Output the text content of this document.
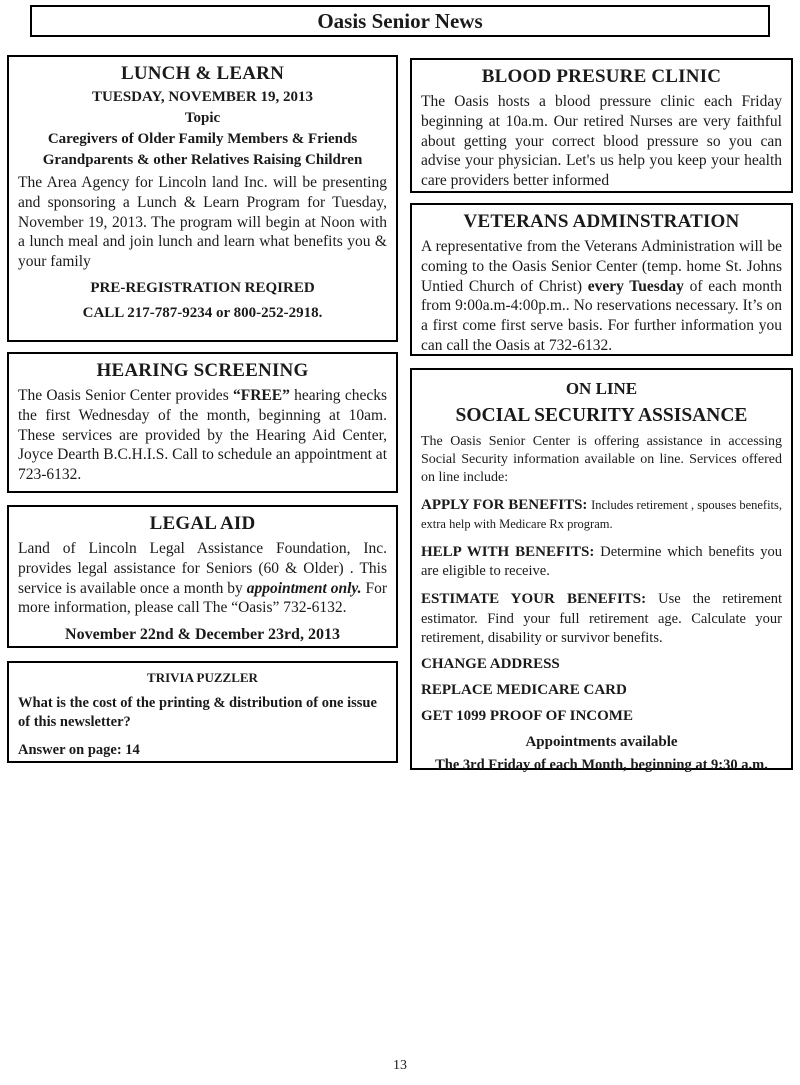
Oasis Senior News
LUNCH & LEARN
TUESDAY, NOVEMBER 19, 2013
Topic
Caregivers of Older Family Members & Friends
Grandparents & other Relatives Raising Children
The Area Agency for Lincoln land Inc. will be presenting and sponsoring a Lunch & Learn Program for Tuesday, November 19, 2013. The program will begin at Noon with a lunch meal and join lunch and learn what benefits you & your family
PRE-REGISTRATION REQIRED
CALL 217-787-9234 or 800-252-2918.
HEARING SCREENING
The Oasis Senior Center provides “FREE” hearing checks the first Wednesday of the month, beginning at 10am. These services are provided by the Hearing Aid Center, Joyce Dearth B.C.H.I.S. Call to schedule an appointment at 723-6132.
LEGAL AID
Land of Lincoln Legal Assistance Foundation, Inc. provides legal assistance for Seniors (60 & Older) . This service is available once a month by appointment only. For more information, please call The “Oasis” 732-6132.
November 22nd & December 23rd, 2013
TRIVIA PUZZLER
What is the cost of the printing & distribution of one issue of this newsletter?
Answer on page: 14
BLOOD PRESURE CLINIC
The Oasis hosts a blood pressure clinic each Friday beginning at 10a.m. Our retired Nurses are very faithful about getting your correct blood pressure so you can advise your physician. Let's us help you keep your health care providers better informed
VETERANS ADMINSTRATION
A representative from the Veterans Administration will be coming to the Oasis Senior Center (temp. home St. Johns Untied Church of Christ) every Tuesday of each month from 9:00a.m-4:00p.m.. No reservations necessary. It’s on a first come first serve basis. For further information you can call the Oasis at 732-6132.
ON LINE
SOCIAL SECURITY ASSISANCE
The Oasis Senior Center is offering assistance in accessing Social Security information available on line. Services offered on line include:
APPLY FOR BENEFITS: Includes retirement , spouses benefits, extra help with Medicare Rx program.
HELP WITH BENEFITS: Determine which benefits you are eligible to receive.
ESTIMATE YOUR BENEFITS: Use the retirement estimator. Find your full retirement age. Calculate your retirement, disability or survivor benefits.
CHANGE ADDRESS
REPLACE MEDICARE CARD
GET 1099 PROOF OF INCOME
Appointments available
The 3rd Friday of each Month, beginning at 9:30 a.m.
13
